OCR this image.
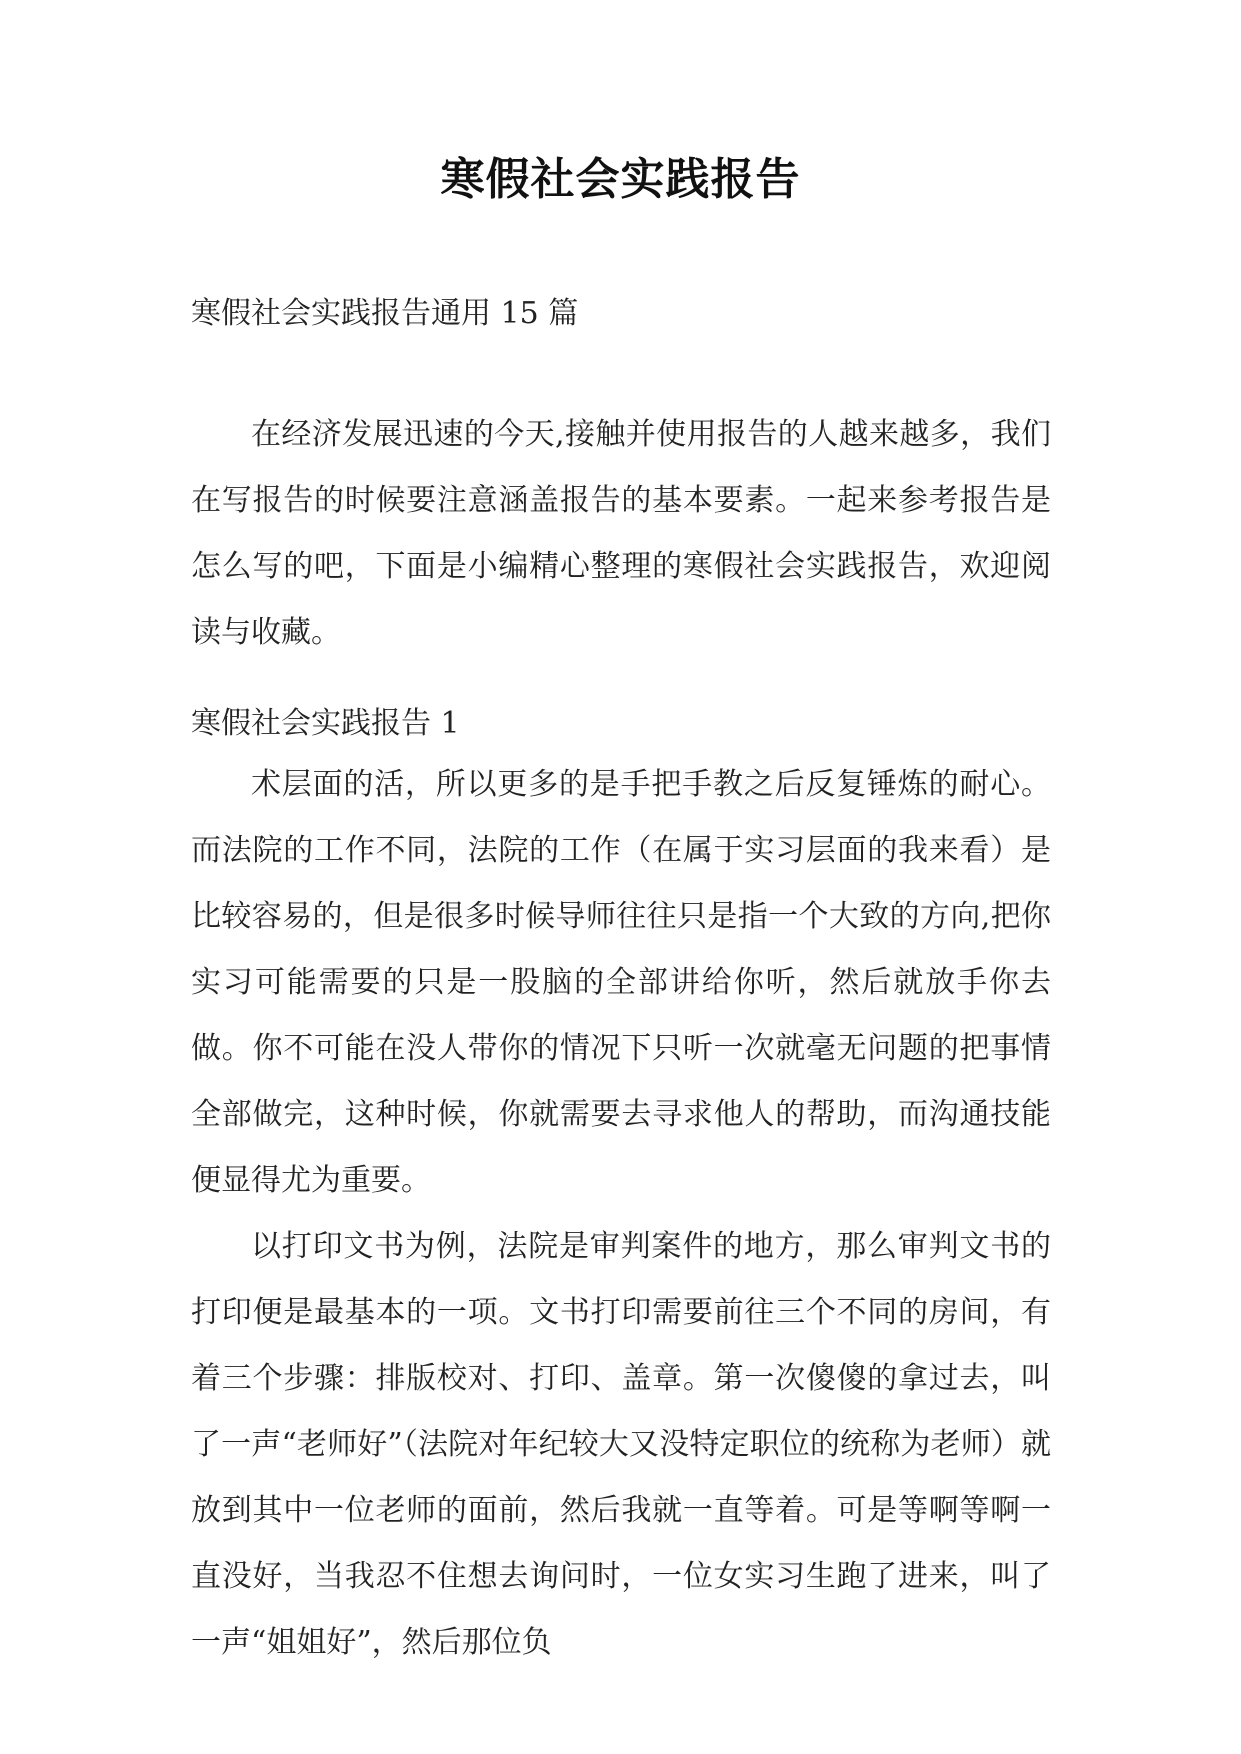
寒假社会实践报告
寒假社会实践报告通用 15 篇

在经济发展迅速的今天,接触并使用报告的人越来越多，我们在写报告的时候要注意涵盖报告的基本要素。一起来参考报告是怎么写的吧，下面是小编精心整理的寒假社会实践报告，欢迎阅读与收藏。

寒假社会实践报告 1

术层面的活，所以更多的是手把手教之后反复锤炼的耐心。而法院的工作不同，法院的工作（在属于实习层面的我来看）是比较容易的，但是很多时候导师往往只是指一个大致的方向,把你实习可能需要的只是一股脑的全部讲给你听，然后就放手你去做。你不可能在没人带你的情况下只听一次就毫无问题的把事情全部做完，这种时候，你就需要去寻求他人的帮助，而沟通技能便显得尤为重要。

以打印文书为例，法院是审判案件的地方，那么审判文书的打印便是最基本的一项。文书打印需要前往三个不同的房间，有着三个步骤：排版校对、打印、盖章。第一次傻傻的拿过去，叫了一声“老师好”（法院对年纪较大又没特定职位的统称为老师）就放到其中一位老师的面前，然后我就一直等着。可是等啊等啊一直没好，当我忍不住想去询问时，一位女实习生跑了进来，叫了一声“姐姐好”，然后那位负
